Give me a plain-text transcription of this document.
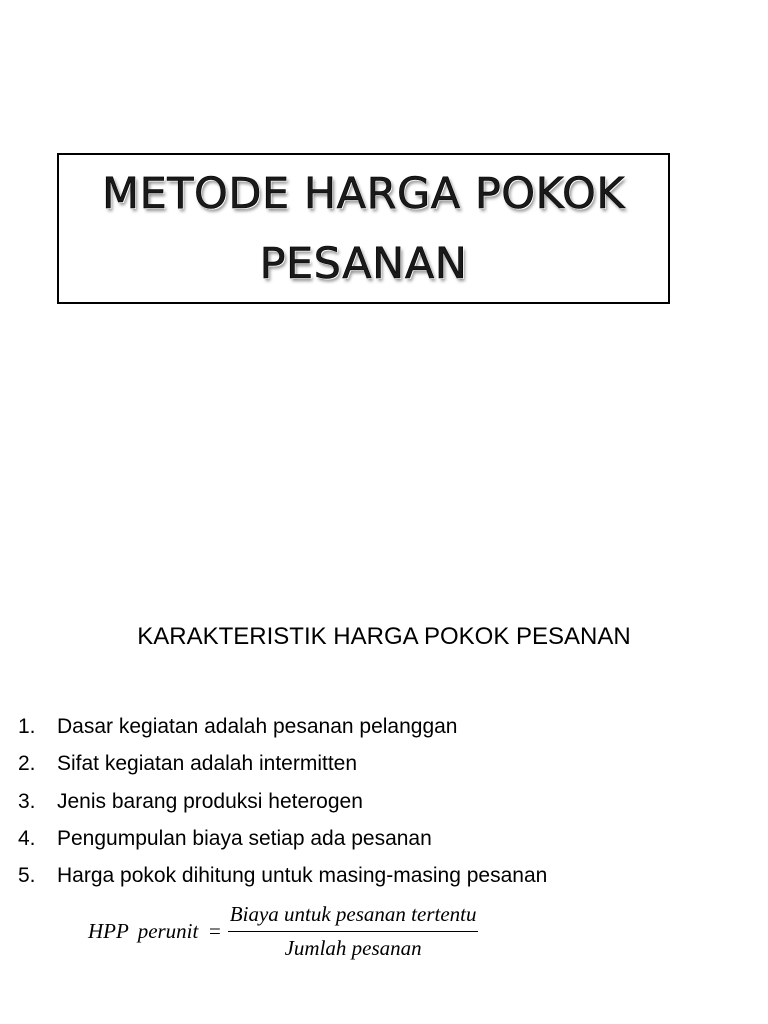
METODE HARGA POKOK
PESANAN
KARAKTERISTIK HARGA POKOK PESANAN
1.	Dasar kegiatan adalah pesanan pelanggan
2.	Sifat kegiatan adalah intermitten
3.	Jenis barang produksi heterogen
4.	Pengumpulan biaya setiap ada pesanan
5.	Harga pokok dihitung untuk masing-masing pesanan
HPP perunit = $\frac{\text{Biaya untuk pesanan tertentu}}{\text{Jumlah pesanan}}$
